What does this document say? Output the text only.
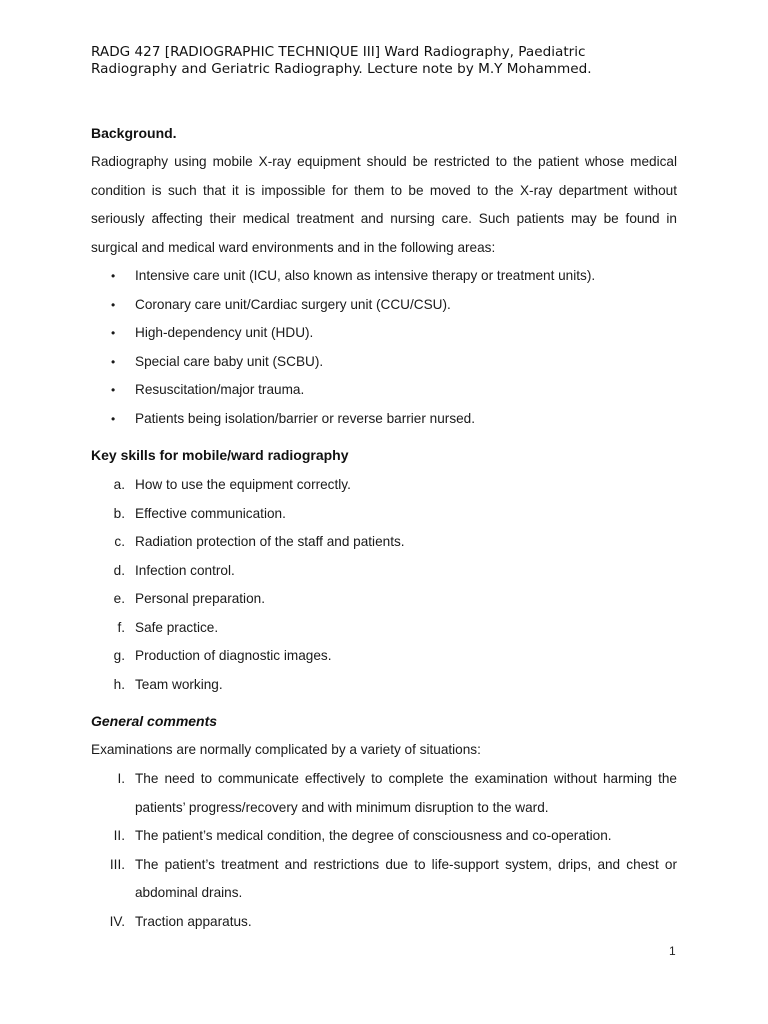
RADG 427 [RADIOGRAPHIC TECHNIQUE III] Ward Radiography, Paediatric
Radiography and Geriatric Radiography. Lecture note by M.Y Mohammed.
Background.
Radiography using mobile X-ray equipment should be restricted to the patient whose medical condition is such that it is impossible for them to be moved to the X-ray department without seriously affecting their medical treatment and nursing care. Such patients may be found in surgical and medical ward environments and in the following areas:
•	Intensive care unit (ICU, also known as intensive therapy or treatment units).
•	Coronary care unit/Cardiac surgery unit (CCU/CSU).
•	High-dependency unit (HDU).
•	Special care baby unit (SCBU).
•	Resuscitation/major trauma.
•	Patients being isolation/barrier or reverse barrier nursed.
Key skills for mobile/ward radiography
a. How to use the equipment correctly.
b. Effective communication.
c. Radiation protection of the staff and patients.
d. Infection control.
e. Personal preparation.
f. Safe practice.
g. Production of diagnostic images.
h. Team working.
General comments
Examinations are normally complicated by a variety of situations:
I. The need to communicate effectively to complete the examination without harming the patients’ progress/recovery and with minimum disruption to the ward.
II. The patient’s medical condition, the degree of consciousness and co-operation.
III. The patient’s treatment and restrictions due to life-support system, drips, and chest or abdominal drains.
IV. Traction apparatus.
1
